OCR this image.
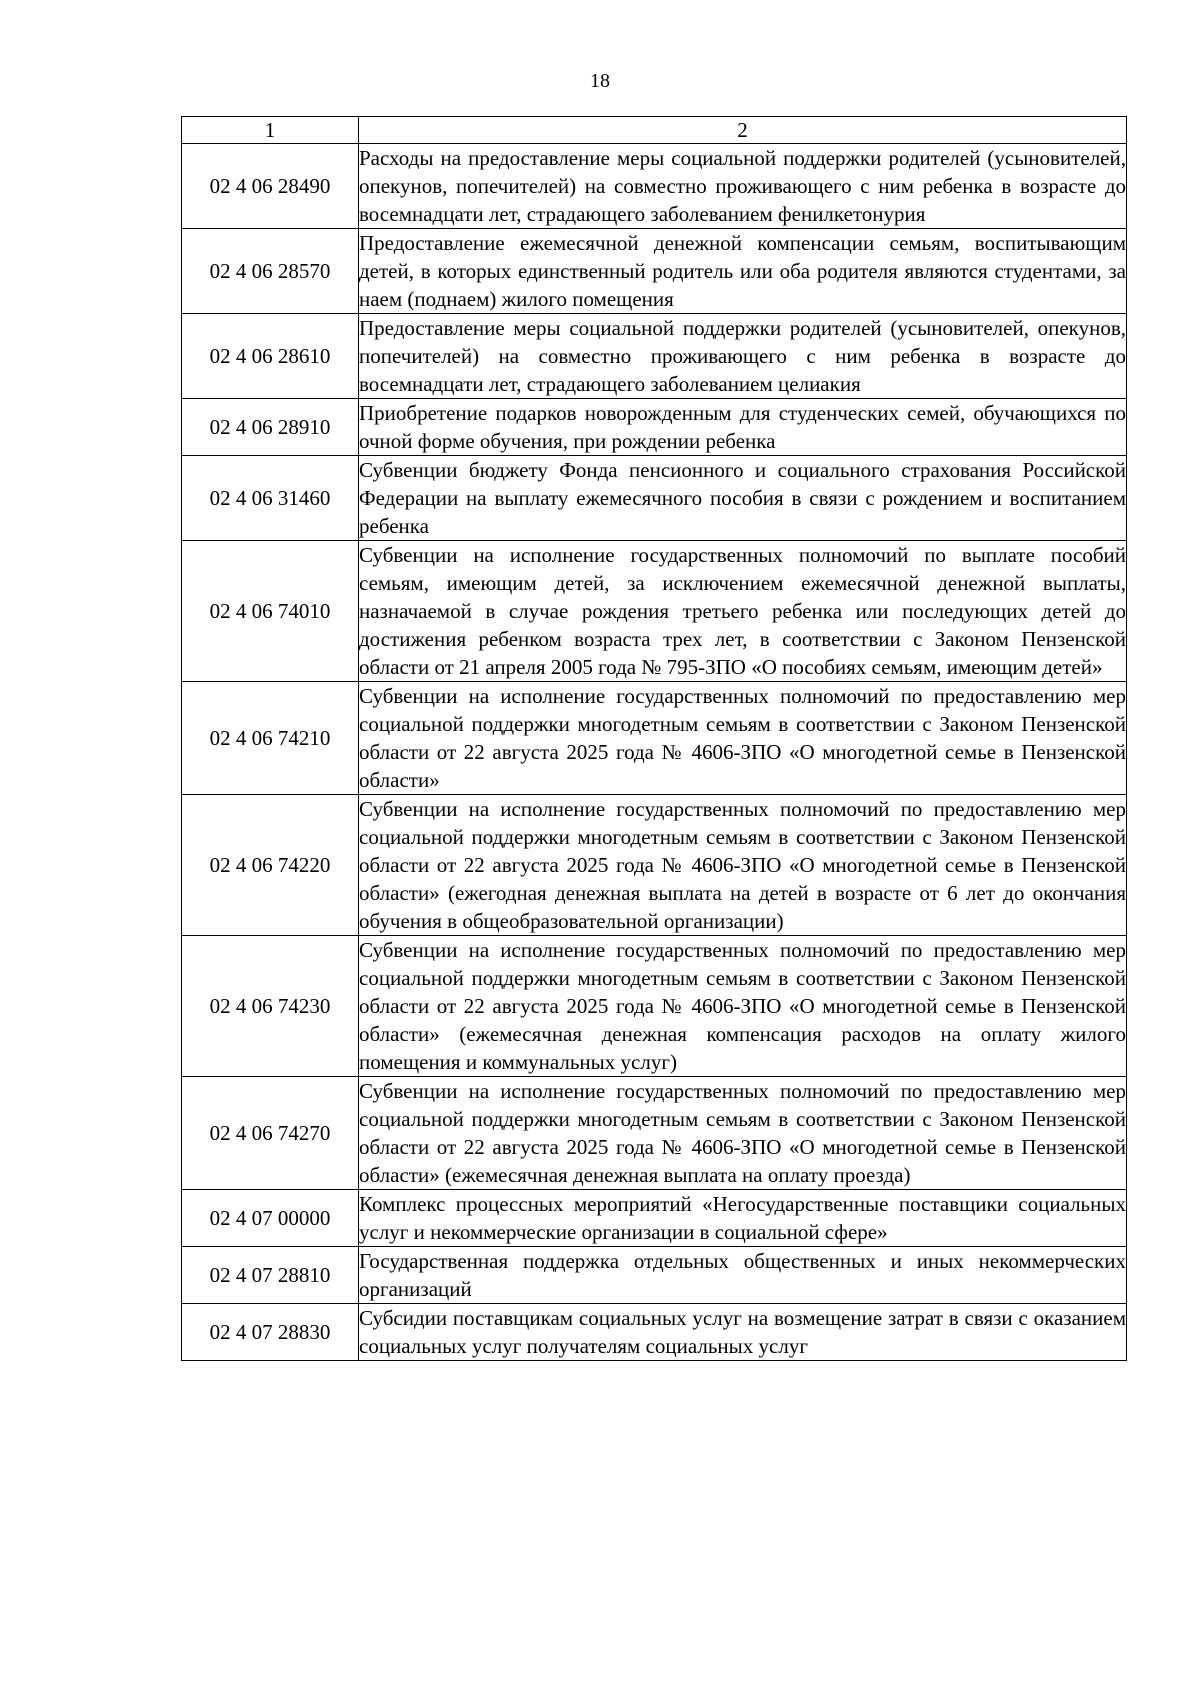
18
1	2
02 4 06 28490	Расходы на предоставление меры социальной поддержки родителей (усыновителей, опекунов, попечителей) на совместно проживающего с ним ребенка в возрасте до восемнадцати лет, страдающего заболеванием фенилкетонурия
02 4 06 28570	Предоставление ежемесячной денежной компенсации семьям, воспитывающим детей, в которых единственный родитель или оба родителя являются студентами, за наем (поднаем) жилого помещения
02 4 06 28610	Предоставление меры социальной поддержки родителей (усыновителей, опекунов, попечителей) на совместно проживающего с ним ребенка в возрасте до восемнадцати лет, страдающего заболеванием целиакия
02 4 06 28910	Приобретение подарков новорожденным для студенческих семей, обучающихся по очной форме обучения, при рождении ребенка
02 4 06 31460	Субвенции бюджету Фонда пенсионного и социального страхования Российской Федерации на выплату ежемесячного пособия в связи с рождением и воспитанием ребенка
02 4 06 74010	Субвенции на исполнение государственных полномочий по выплате пособий семьям, имеющим детей, за исключением ежемесячной денежной выплаты, назначаемой в случае рождения третьего ребенка или последующих детей до достижения ребенком возраста трех лет, в соответствии с Законом Пензенской области от 21 апреля 2005 года № 795-ЗПО «О пособиях семьям, имеющим детей»
02 4 06 74210	Субвенции на исполнение государственных полномочий по предоставлению мер социальной поддержки многодетным семьям в соответствии с Законом Пензенской области от 22 августа 2025 года № 4606-ЗПО «О многодетной семье в Пензенской области»
02 4 06 74220	Субвенции на исполнение государственных полномочий по предоставлению мер социальной поддержки многодетным семьям в соответствии с Законом Пензенской области от 22 августа 2025 года № 4606-ЗПО «О многодетной семье в Пензенской области» (ежегодная денежная выплата на детей в возрасте от 6 лет до окончания обучения в общеобразовательной организации)
02 4 06 74230	Субвенции на исполнение государственных полномочий по предоставлению мер социальной поддержки многодетным семьям в соответствии с Законом Пензенской области от 22 августа 2025 года № 4606-ЗПО «О многодетной семье в Пензенской области» (ежемесячная денежная компенсация расходов на оплату жилого помещения и коммунальных услуг)
02 4 06 74270	Субвенции на исполнение государственных полномочий по предоставлению мер социальной поддержки многодетным семьям в соответствии с Законом Пензенской области от 22 августа 2025 года № 4606-ЗПО «О многодетной семье в Пензенской области» (ежемесячная денежная выплата на оплату проезда)
02 4 07 00000	Комплекс процессных мероприятий «Негосударственные поставщики социальных услуг и некоммерческие организации в социальной сфере»
02 4 07 28810	Государственная поддержка отдельных общественных и иных некоммерческих организаций
02 4 07 28830	Субсидии поставщикам социальных услуг на возмещение затрат в связи с оказанием социальных услуг получателям социальных услуг
